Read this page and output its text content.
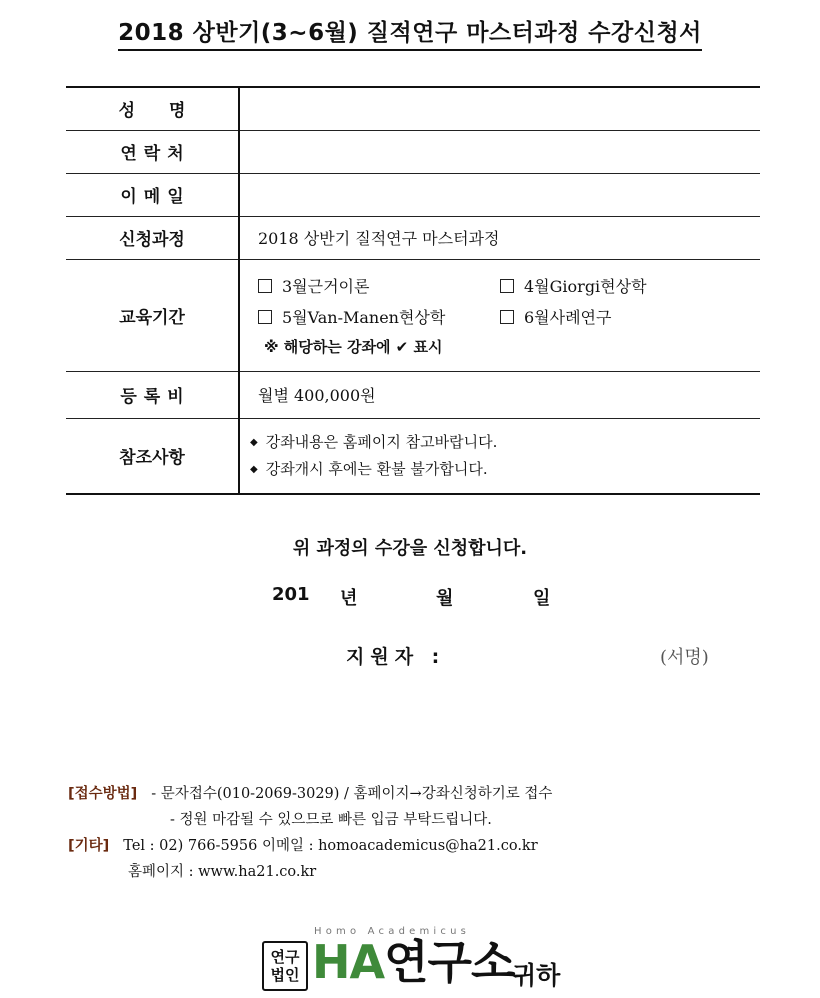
2018 상반기(3~6월) 질적연구 마스터과정 수강신청서
성 명	
연락처	
이메일	
신청과정	2018 상반기 질적연구 마스터과정
교육기간	3월근거이론 4월Giorgi현상학
5월Van-Manen현상학 6월사례연구
※ 해당하는 강좌에 ✔ 표시

등록비	월별 400,000원
참조사항	◆ 강좌내용은 홈페이지 참고바랍니다.
◆ 강좌개시 후에는 환불 불가합니다.
위 과정의 수강을 신청합니다.
201 년	월	일
지원자 :	(서명)
[접수방법] - 문자접수(010-2069-3029) / 홈페이지→강좌신청하기로 접수
- 정원 마감될 수 있으므로 빠른 입금 부탁드립니다.
[기타] Tel : 02) 766-5956 이메일 : homoacademicus@ha21.co.kr
홈페이지 : www.ha21.co.kr
Homo Academicus
연구
법인 HA연구소
귀하
